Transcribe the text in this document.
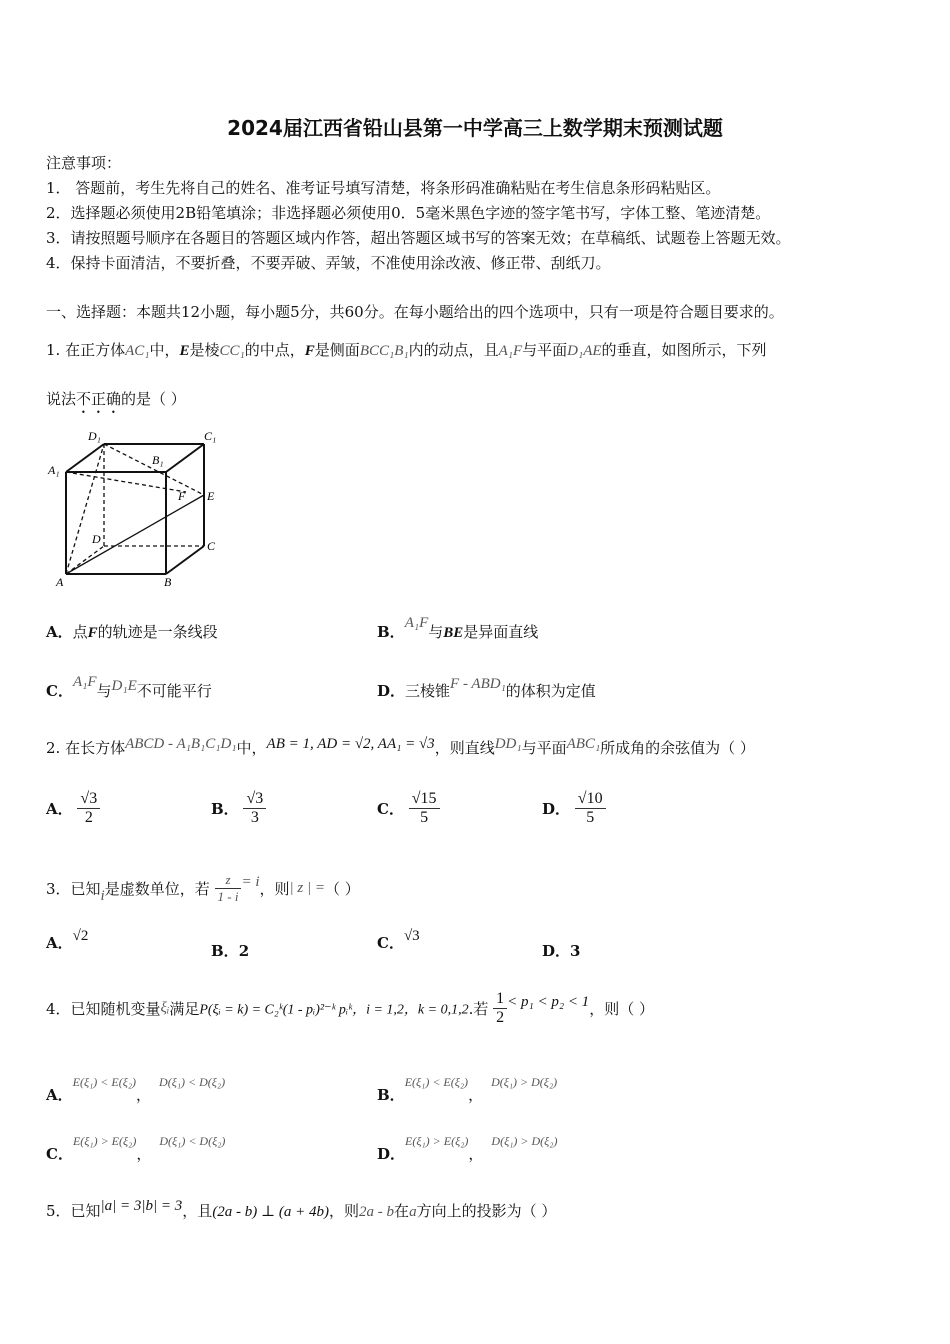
2024届江西省铅山县第一中学高三上数学期末预测试题
注意事项：
1． 答题前，考生先将自己的姓名、准考证号填写清楚，将条形码准确粘贴在考生信息条形码粘贴区。
2．选择题必须使用2B铅笔填涂；非选择题必须使用0．5毫米黑色字迹的签字笔书写，字体工整、笔迹清楚。
3．请按照题号顺序在各题目的答题区域内作答，超出答题区域书写的答案无效；在草稿纸、试题卷上答题无效。
4．保持卡面清洁，不要折叠，不要弄破、弄皱，不准使用涂改液、修正带、刮纸刀。
一、选择题：本题共12小题，每小题5分，共60分。在每小题给出的四个选项中，只有一项是符合题目要求的。
1. 在正方体AC₁中，E是棱CC₁的中点，F是侧面BCC₁B₁内的动点，且A₁F与平面D₁AE的垂直，如图所示，下列
说法不正确的是（ ）
D₁	C₁
A₁
B₁
F E
D	C
A	B
A．点F的轨迹是一条线段	B．A₁F与BE是异面直线
C．A₁F与D₁E不可能平行	D．三棱锥F - ABD₁的体积为定值
2. 在长方体ABCD - A₁B₁C₁D₁中，AB = 1, AD = √2, AA₁ = √3，则直线DD₁与平面ABC₁所成角的余弦值为（ ）
A． $\frac{√3}{2}$	B． $\frac{√3}{3}$	C． $\frac{√15}{5}$	D． $\frac{√10}{5}$
3．已知i是虚数单位，若 $\frac{z}{1 - i} = i$，则| z | =（ ）
A．√2
B．2	C．√3
D．3
4．已知随机变量ξᵢ满足P(ξᵢ = k) = C₂ᵏ(1 - pᵢ)²⁻ᵏ pᵢᵏ，i = 1,2，k = 0,1,2.若 $\frac{1}{2} < p_1 < p_2 < 1$，则（ ）
A．E(ξ₁) < E(ξ₂)，D(ξ₁) < D(ξ₂)
B．E(ξ₁) < E(ξ₂)，D(ξ₁) > D(ξ₂)
C．E(ξ₁) > E(ξ₂)，D(ξ₁) < D(ξ₂)
D．E(ξ₁) > E(ξ₂)，D(ξ₁) > D(ξ₂)
5．已知|a| = 3|b| = 3，且(2a - b) ⊥ (a + 4b)，则2a - b在a方向上的投影为（ ）
